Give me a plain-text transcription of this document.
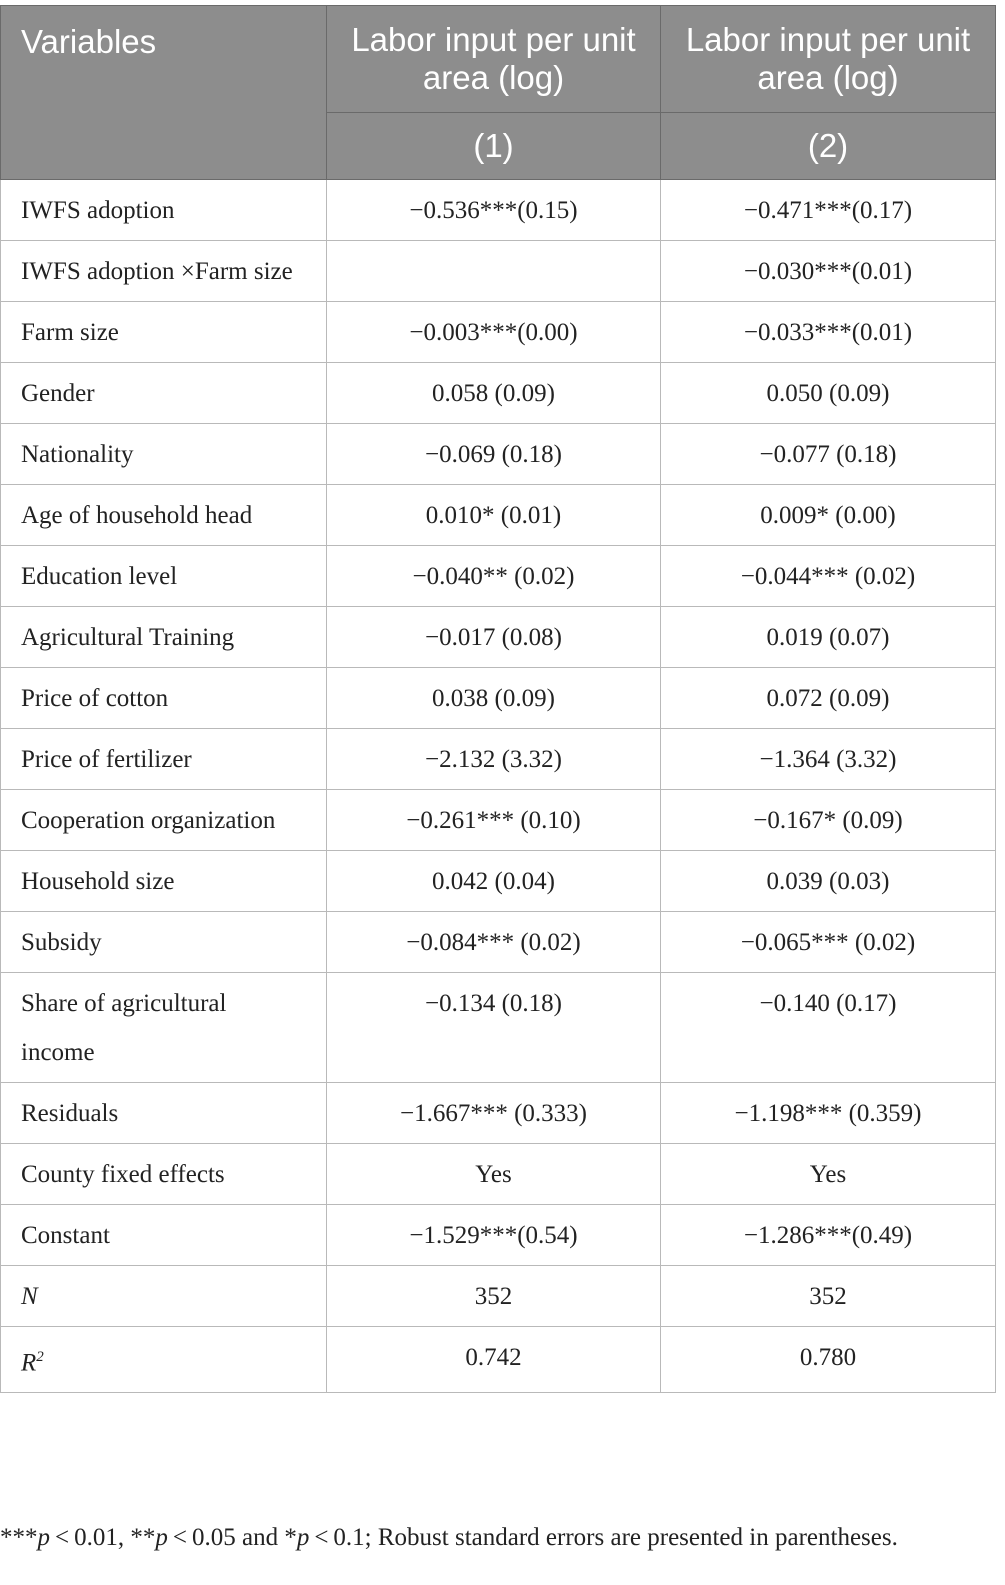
Variables	Labor input per unit area (log)	Labor input per unit area (log)
	(1)	(2)
IWFS adoption	−0.536***(0.15)	−0.471***(0.17)
IWFS adoption ×Farm size		−0.030***(0.01)
Farm size	−0.003***(0.00)	−0.033***(0.01)
Gender	0.058 (0.09)	0.050 (0.09)
Nationality	−0.069 (0.18)	−0.077 (0.18)
Age of household head	0.010* (0.01)	0.009* (0.00)
Education level	−0.040** (0.02)	−0.044*** (0.02)
Agricultural Training	−0.017 (0.08)	0.019 (0.07)
Price of cotton	0.038 (0.09)	0.072 (0.09)
Price of fertilizer	−2.132 (3.32)	−1.364 (3.32)
Cooperation organization	−0.261*** (0.10)	−0.167* (0.09)
Household size	0.042 (0.04)	0.039 (0.03)
Subsidy	−0.084*** (0.02)	−0.065*** (0.02)
Share of agricultural income	−0.134 (0.18)	−0.140 (0.17)
Residuals	−1.667*** (0.333)	−1.198*** (0.359)
County fixed effects	Yes	Yes
Constant	−1.529***(0.54)	−1.286***(0.49)
N	352	352
$R^2$	0.742	0.780
***p < 0.01, **p < 0.05 and *p < 0.1; Robust standard errors are presented in parentheses.
